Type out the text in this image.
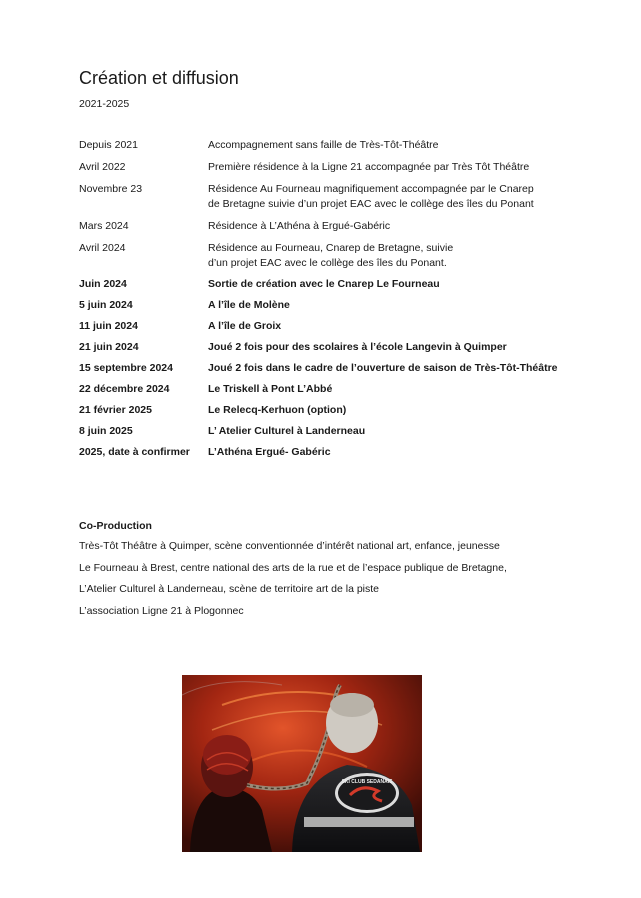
Création et diffusion
2021-2025
Depuis 2021	Accompagnement sans faille de Très-Tôt-Théâtre
Avril 2022	Première résidence à la Ligne 21 accompagnée par Très Tôt Théâtre
Novembre 23	Résidence Au Fourneau magnifiquement accompagnée par le Cnarep
de Bretagne suivie d’un projet EAC avec le collège des îles du Ponant
Mars 2024	Résidence à L’Athéna à Ergué-Gabéric
Avril 2024	Résidence au Fourneau, Cnarep de Bretagne, suivie
d’un projet EAC avec le collège des îles du Ponant.
Juin 2024	Sortie de création avec le Cnarep Le Fourneau
5 juin 2024	A l’île de Molène
11 juin 2024	A l’île de Groix
21 juin 2024	Joué 2 fois pour des scolaires à l’école Langevin à Quimper
15 septembre 2024	Joué 2 fois dans le cadre de l’ouverture de saison de Très-Tôt-Théâtre
22 décembre 2024	Le Triskell à Pont L’Abbé
21 février 2025	Le Relecq-Kerhuon (option)
8 juin 2025	L’ Atelier Culturel à Landerneau
2025, date à confirmer	L’Athéna Ergué- Gabéric
Co-Production
Très-Tôt Théâtre à Quimper, scène conventionnée d’intérêt national art, enfance, jeunesse
Le Fourneau à Brest, centre national des arts de la rue et de l’espace publique de Bretagne,
L’Atelier Culturel à Landerneau, scène de territoire art de la piste
L’association Ligne 21 à Plogonnec
SKI CLUB SEDANAIS
